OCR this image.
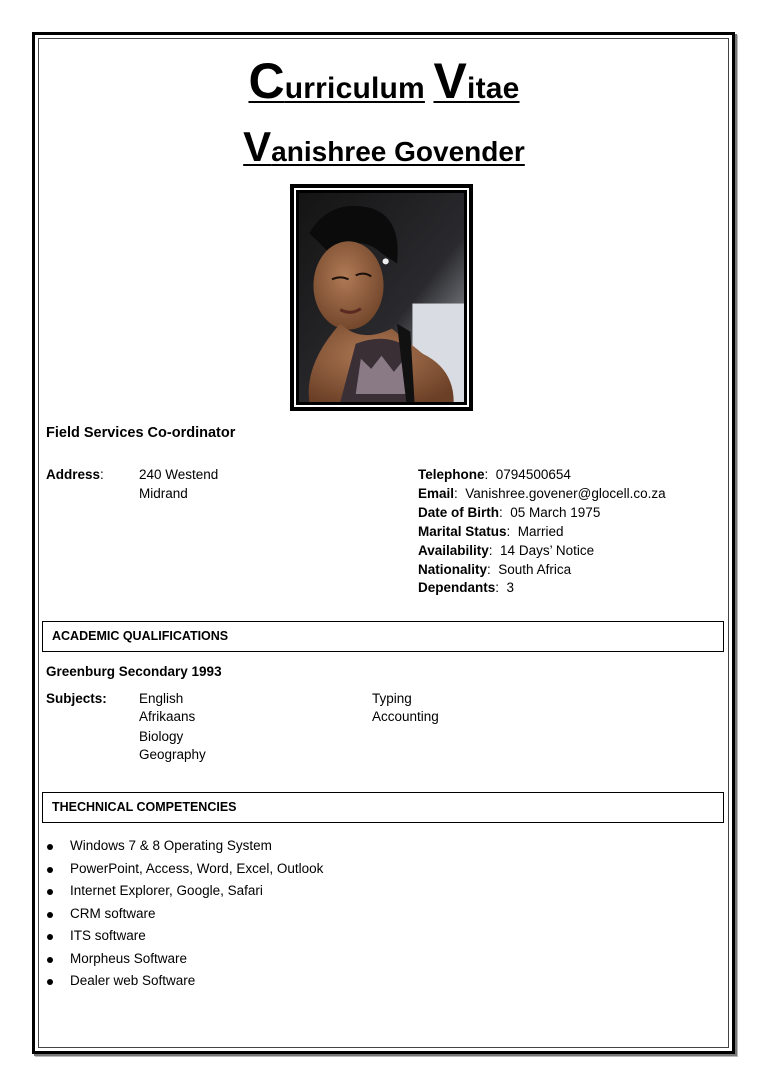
Curriculum Vitae
Vanishree Govender
Field Services Co-ordinator
Address:	240 Westend
Midrand
Telephone:  0794500654
Email:  Vanishree.govener@glocell.co.za
Date of Birth:  05 March 1975
Marital Status:  Married
Availability:  14 Days’ Notice
Nationality:  South Africa
Dependants:  3
ACADEMIC QUALIFICATIONS
Greenburg Secondary 1993
Subjects: English
Afrikaans
Biology
Geography
Typing
Accounting
THECHNICAL COMPETENCIES
Windows 7 & 8 Operating System
PowerPoint, Access, Word, Excel, Outlook
Internet Explorer, Google, Safari
CRM software
ITS software
Morpheus Software
Dealer web Software
